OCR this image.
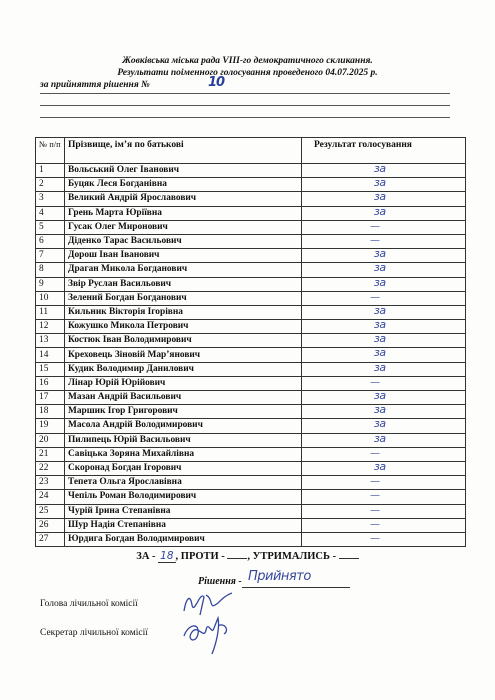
Жовківська міська рада VІІІ-го демократичного скликання.
Результати поіменного голосування проведеного 04.07.2025 р.
за прийняття рішення №	10
№ п/п	Прізвище, ім’я по батькові	Результат голосування
1	Вольський Олег Іванович	за

2	Буцяк Леся Богданівна	за

3	Великий Андрій Ярославович	за

4	Грень Марта Юріївна	за

5	Гусак Олег Миронович	—

6	Діденко Тарас Васильович	—

7	Дорош Іван Іванович	за

8	Драган Микола Богданович	за

9	Звір Руслан Васильович	за

10	Зелений Богдан Богданович	—

11	Кильник Вікторія Ігорівна	за

12	Кожушко Микола Петрович	за

13	Костюк Іван Володимирович	за

14	Креховець Зіновій Мар’янович	за

15	Кудик Володимир Данилович	за

16	Лінар Юрій Юрійович	—

17	Мазан Андрій Васильович	за

18	Маршик Ігор Григорович	за

19	Масола Андрій Володимирович	за

20	Пилипець Юрій Васильович	за

21	Савіцька Зоряна Михайлівна	—

22	Скоронад Богдан Ігорович	за

23	Тепета Ольга Ярославівна	—

24	Чепіль Роман Володимирович	—

25	Чурій Ірина Степанівна	—

26	Шур Надія Степанівна	—

27	Юрдига Богдан Володимирович	—
ЗА - 18 , ПРОТИ - , УТРИМАЛИСЬ -
Рішення - Прийнято
Голова лічильної комісії
Секретар лічильної комісії
